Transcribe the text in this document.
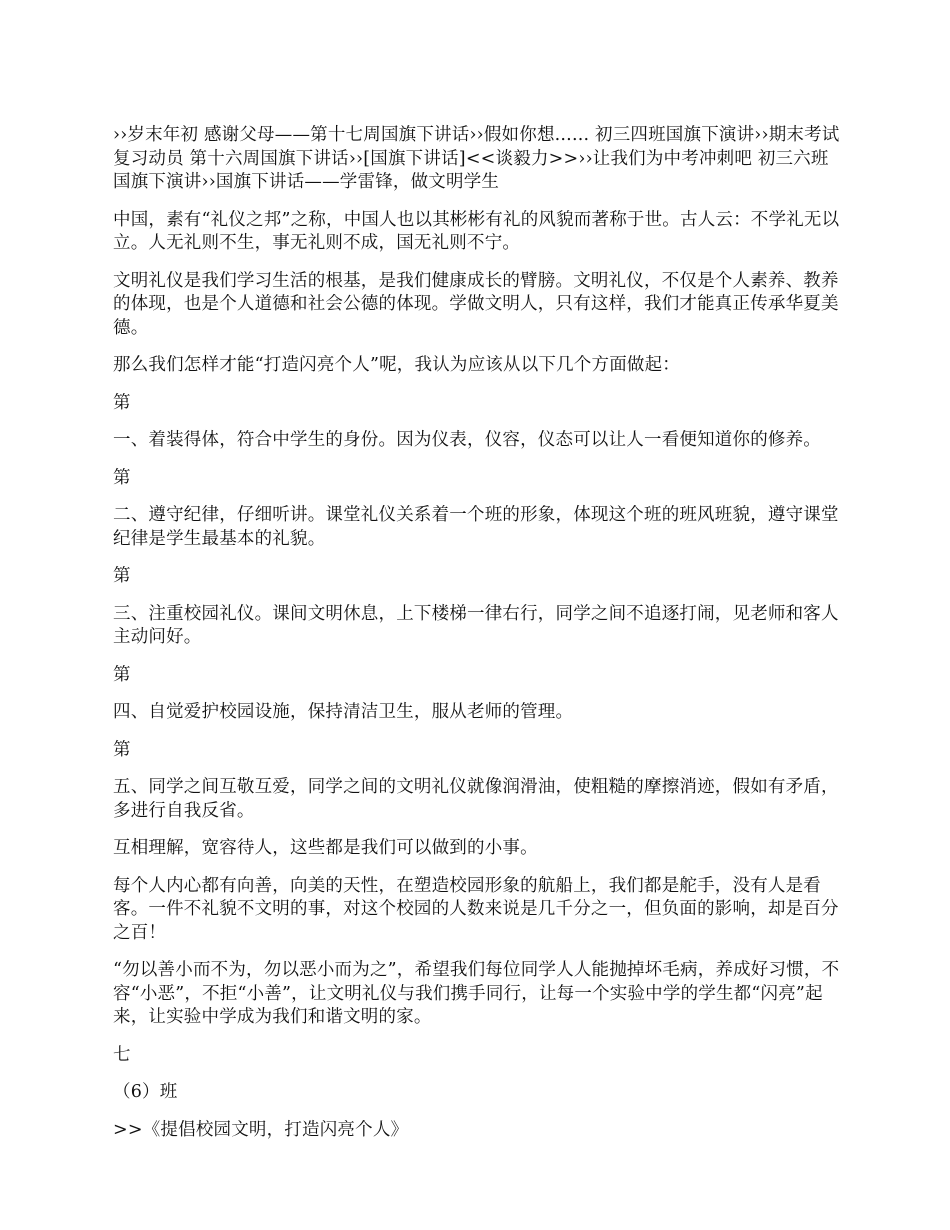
››岁末年初 感谢父母——第十七周国旗下讲话››假如你想...... 初三四班国旗下演讲››期末考试复习动员 第十六周国旗下讲话››[国旗下讲话]<<谈毅力>>››让我们为中考冲刺吧 初三六班国旗下演讲››国旗下讲话——学雷锋，做文明学生

中国，素有“礼仪之邦”之称，中国人也以其彬彬有礼的风貌而著称于世。古人云：不学礼无以立。人无礼则不生，事无礼则不成，国无礼则不宁。

文明礼仪是我们学习生活的根基，是我们健康成长的臂膀。文明礼仪，不仅是个人素养、教养的体现，也是个人道德和社会公德的体现。学做文明人，只有这样，我们才能真正传承华夏美德。

那么我们怎样才能“打造闪亮个人”呢，我认为应该从以下几个方面做起：

第

一、着装得体，符合中学生的身份。因为仪表，仪容，仪态可以让人一看便知道你的修养。

第

二、遵守纪律，仔细听讲。课堂礼仪关系着一个班的形象，体现这个班的班风班貌，遵守课堂纪律是学生最基本的礼貌。

第

三、注重校园礼仪。课间文明休息，上下楼梯一律右行，同学之间不追逐打闹，见老师和客人主动问好。

第

四、自觉爱护校园设施，保持清洁卫生，服从老师的管理。

第

五、同学之间互敬互爱，同学之间的文明礼仪就像润滑油，使粗糙的摩擦消迹，假如有矛盾，多进行自我反省。

互相理解，宽容待人，这些都是我们可以做到的小事。

每个人内心都有向善，向美的天性，在塑造校园形象的航船上，我们都是舵手，没有人是看客。一件不礼貌不文明的事，对这个校园的人数来说是几千分之一，但负面的影响，却是百分之百！

“勿以善小而不为，勿以恶小而为之”，希望我们每位同学人人能抛掉坏毛病，养成好习惯，不容“小恶”，不拒“小善”，让文明礼仪与我们携手同行，让每一个实验中学的学生都“闪亮”起来，让实验中学成为我们和谐文明的家。

七

（6）班

>>《提倡校园文明，打造闪亮个人》
